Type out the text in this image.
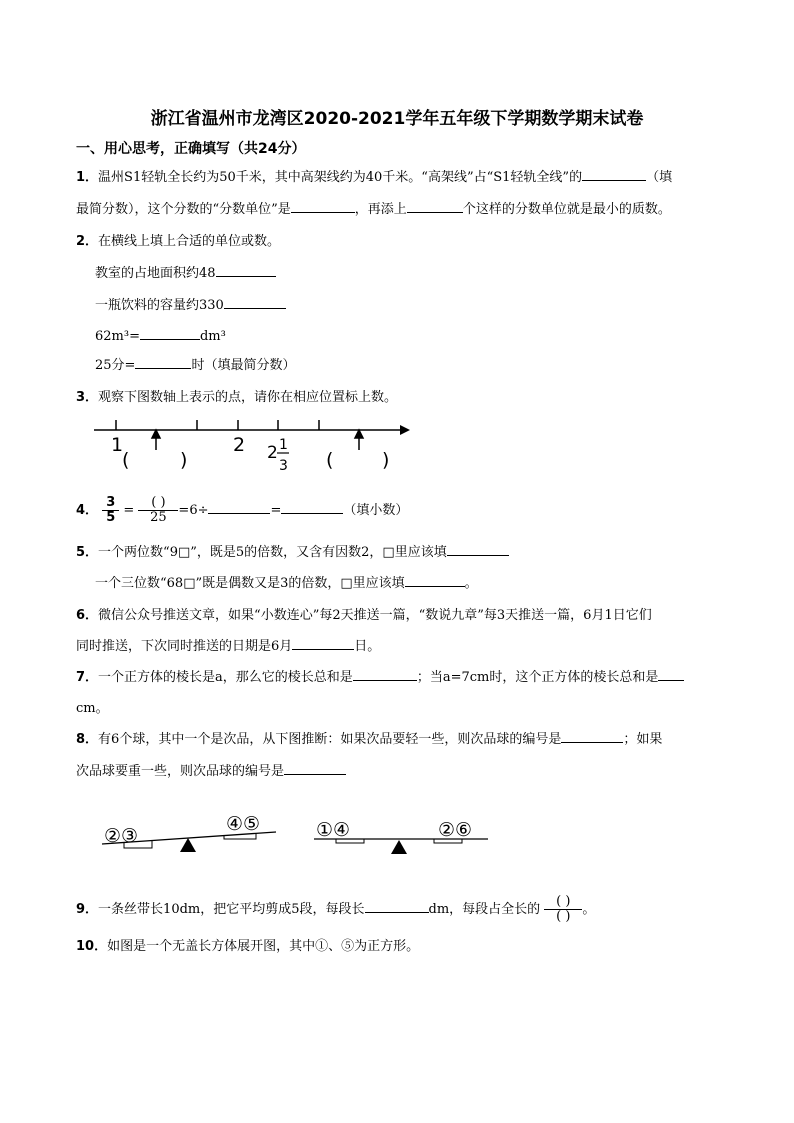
浙江省温州市龙湾区2020-2021学年五年级下学期数学期末试卷
一、用心思考，正确填写（共24分）
1．温州S1轻轨全长约为50千米，其中高架线约为40千米。“高架线”占“S1轻轨全线”的	（填
最简分数），这个分数的“分数单位”是	，再添上	个这样的分数单位就是最小的质数。
2．在横线上填上合适的单位或数。
教室的占地面积约48
一瓶饮料的容量约330
62m³=	dm³
25分=	时（填最简分数）
3．观察下图数轴上表示的点，请你在相应位置标上数。
1	2 2 1
3
(	)	(	)
4． $\frac{3}{5} = \frac{( )}{25} =6\div$	=	（填小数）
5．一个两位数“9□”，既是5的倍数，又含有因数2，□里应该填
一个三位数“68□”既是偶数又是3的倍数，□里应该填	。
6．微信公众号推送文章，如果“小数连心”每2天推送一篇，“数说九章”每3天推送一篇，6月1日它们
同时推送，下次同时推送的日期是6月	日。
7．一个正方体的棱长是a，那么它的棱长总和是	；当a=7cm时，这个正方体的棱长总和是
cm。
8．有6个球，其中一个是次品，从下图推断：如果次品要轻一些，则次品球的编号是	；如果
次品球要重一些，则次品球的编号是
②③
④⑤	①④	②⑥
9．一条丝带长10dm，把它平均剪成5段，每段长	dm，每段占全长的 $\frac{( )}{( )}$ 。
10．如图是一个无盖长方体展开图，其中①、⑤为正方形。
